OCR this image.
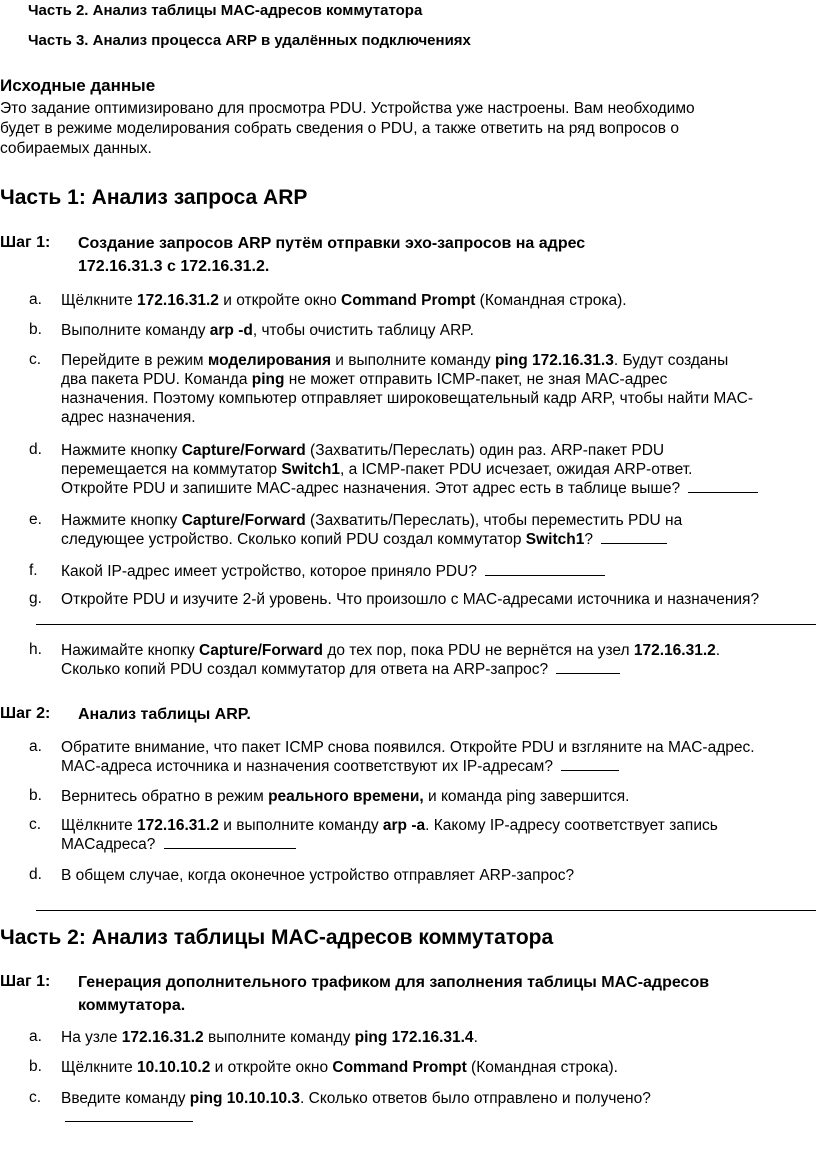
Часть 2. Анализ таблицы MAC-адресов коммутатора
Часть 3. Анализ процесса ARP в удалённых подключениях
Исходные данные
Это задание оптимизировано для просмотра PDU. Устройства уже настроены. Вам необходимо
будет в режиме моделирования собрать сведения о PDU, а также ответить на ряд вопросов о
собираемых данных.
Часть 1: Анализ запроса ARP
Шаг 1: Создание запросов ARP путём отправки эхо-запросов на адрес
172.16.31.3 с 172.16.31.2.
a. Щёлкните 172.16.31.2 и откройте окно Command Prompt (Командная строка).
b. Выполните команду arp -d, чтобы очистить таблицу ARP.
c. Перейдите в режим моделирования и выполните команду ping 172.16.31.3. Будут созданы
два пакета PDU. Команда ping не может отправить ICMP-пакет, не зная MAC-адрес
назначения. Поэтому компьютер отправляет широковещательный кадр ARP, чтобы найти MAC-
адрес назначения.
d. Нажмите кнопку Capture/Forward (Захватить/Переслать) один раз. ARP-пакет PDU
перемещается на коммутатор Switch1, а ICMP-пакет PDU исчезает, ожидая ARP-ответ.
Откройте PDU и запишите MAC-адрес назначения. Этот адрес есть в таблице выше?
e. Нажмите кнопку Capture/Forward (Захватить/Переслать), чтобы переместить PDU на
следующее устройство. Сколько копий PDU создал коммутатор Switch1?
f. Какой IP-адрес имеет устройство, которое приняло PDU?
g. Откройте PDU и изучите 2-й уровень. Что произошло с MAC-адресами источника и назначения?
h. Нажимайте кнопку Capture/Forward до тех пор, пока PDU не вернётся на узел 172.16.31.2.
Сколько копий PDU создал коммутатор для ответа на ARP-запрос?
Шаг 2: Анализ таблицы ARP.
a. Обратите внимание, что пакет ICMP снова появился. Откройте PDU и взгляните на MAC-адрес.
MAC-адреса источника и назначения соответствуют их IP-адресам?
b. Вернитесь обратно в режим реального времени, и команда ping завершится.
c. Щёлкните 172.16.31.2 и выполните команду arp -a. Какому IP-адресу соответствует запись
MACадреса?
d. В общем случае, когда оконечное устройство отправляет ARP-запрос?
Часть 2: Анализ таблицы MAC-адресов коммутатора
Шаг 1: Генерация дополнительного трафиком для заполнения таблицы MAC-адресов
коммутатора.
a. На узле 172.16.31.2 выполните команду ping 172.16.31.4.
b. Щёлкните 10.10.10.2 и откройте окно Command Prompt (Командная строка).
c. Введите команду ping 10.10.10.3. Сколько ответов было отправлено и получено?
